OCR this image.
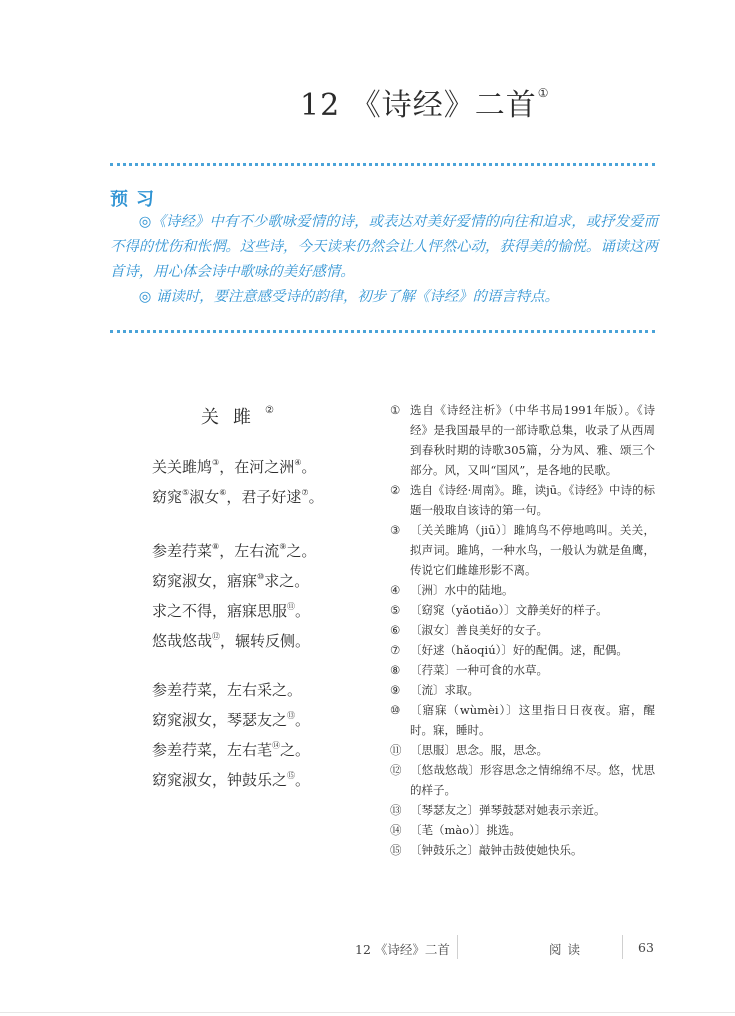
12 《诗经》二首①
预习

◎《诗经》中有不少歌咏爱情的诗，或表达对美好爱情的向往和追求，或抒发爱而不得的忧伤和怅惘。这些诗，今天读来仍然会让人怦然心动，获得美的愉悦。诵读这两首诗，用心体会诗中歌咏的美好感情。

◎ 诵读时，要注意感受诗的韵律，初步了解《诗经》的语言特点。

关雎②
关关雎鸠③，在河之洲④。
窈窕⑤淑女⑥，君子好逑⑦。
参差荇菜⑧，左右流⑨之。
窈窕淑女，寤寐⑩求之。
求之不得，寤寐思服⑪。
悠哉悠哉⑫，辗转反侧。
参差荇菜，左右采之。
窈窕淑女，琴瑟友之⑬。
参差荇菜，左右芼⑭之。
窈窕淑女，钟鼓乐之⑮。
① 选自《诗经注析》（中华书局1991年版）。《诗经》是我国最早的一部诗歌总集，收录了从西周到春秋时期的诗歌305篇，分为风、雅、颂三个部分。风，又叫“国风”，是各地的民歌。
② 选自《诗经·周南》。雎，读jū。《诗经》中诗的标题一般取自该诗的第一句。
③ 〔关关雎鸠（jiū）〕雎鸠鸟不停地鸣叫。关关，拟声词。雎鸠，一种水鸟，一般认为就是鱼鹰，传说它们雌雄形影不离。
④ 〔洲〕水中的陆地。
⑤ 〔窈窕（yǎotiǎo）〕文静美好的样子。
⑥ 〔淑女〕善良美好的女子。
⑦ 〔好逑（hǎoqiú）〕好的配偶。逑，配偶。
⑧ 〔荇菜〕一种可食的水草。
⑨ 〔流〕求取。
⑩ 〔寤寐（wùmèi）〕这里指日日夜夜。寤，醒时。寐，睡时。
⑪ 〔思服〕思念。服，思念。
⑫ 〔悠哉悠哉〕形容思念之情绵绵不尽。悠，忧思的样子。
⑬ 〔琴瑟友之〕弹琴鼓瑟对她表示亲近。
⑭ 〔芼（mào）〕挑选。
⑮ 〔钟鼓乐之〕敲钟击鼓使她快乐。
12 《诗经》二首	阅读	63
